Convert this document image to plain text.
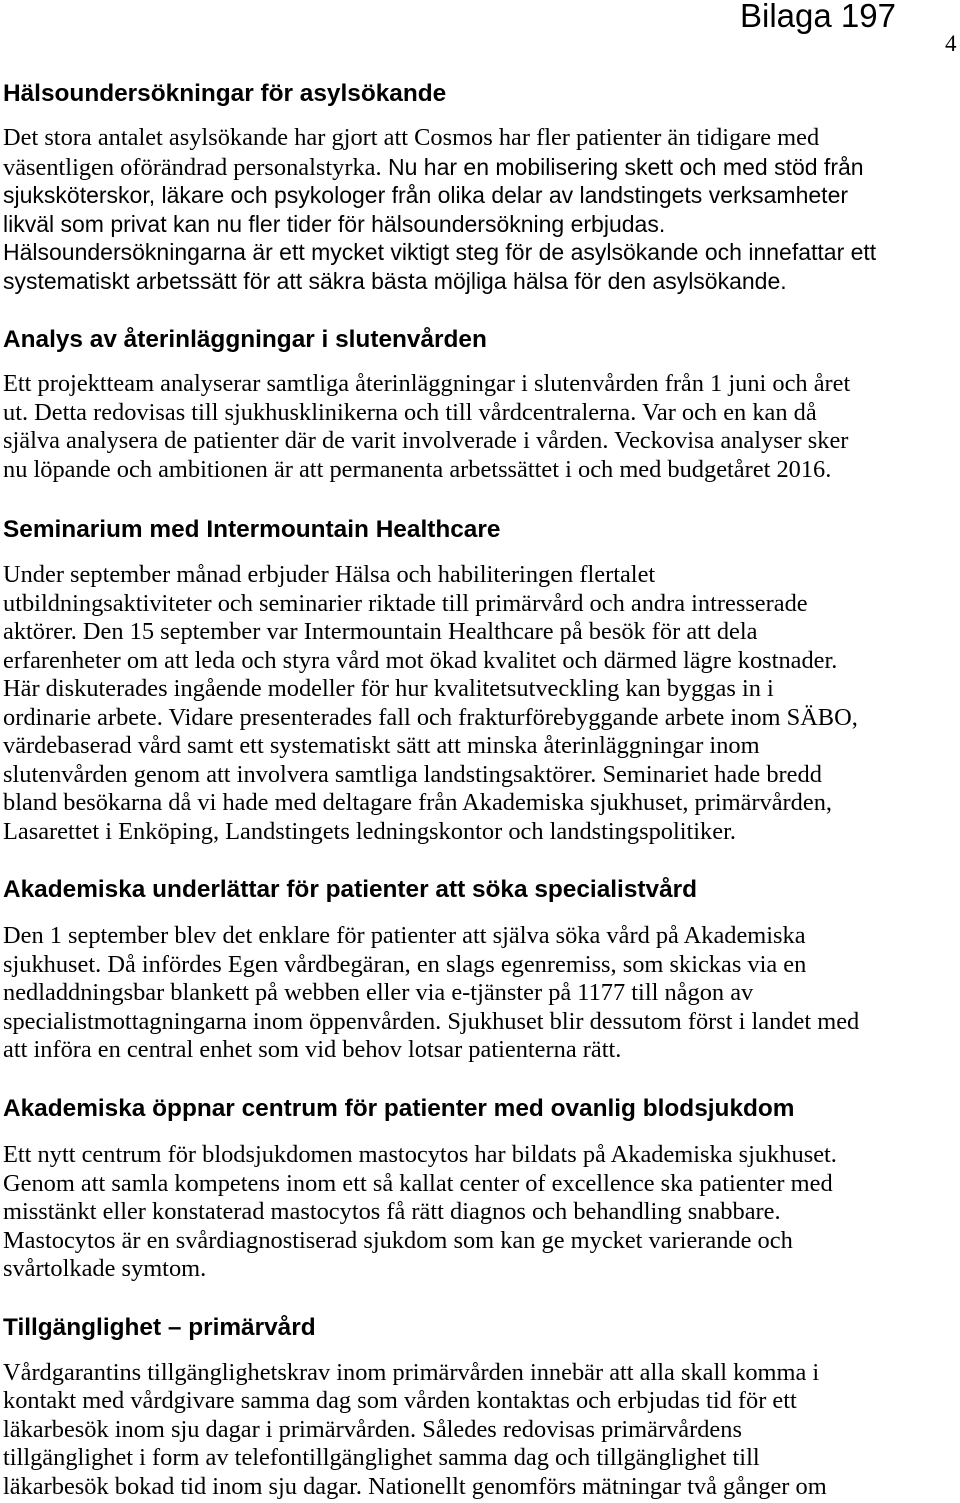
Bilaga 197
4
Hälsoundersökningar för asylsökande
Det stora antalet asylsökande har gjort att Cosmos har fler patienter än tidigare med
väsentligen oförändrad personalstyrka. Nu har en mobilisering skett och med stöd från
sjuksköterskor, läkare och psykologer från olika delar av landstingets verksamheter
likväl som privat kan nu fler tider för hälsoundersökning erbjudas.
Hälsoundersökningarna är ett mycket viktigt steg för de asylsökande och innefattar ett
systematiskt arbetssätt för att säkra bästa möjliga hälsa för den asylsökande.
Analys av återinläggningar i slutenvården
Ett projektteam analyserar samtliga återinläggningar i slutenvården från 1 juni och året
ut. Detta redovisas till sjukhusklinikerna och till vårdcentralerna. Var och en kan då
själva analysera de patienter där de varit involverade i vården. Veckovisa analyser sker
nu löpande och ambitionen är att permanenta arbetssättet i och med budgetåret 2016.
Seminarium med Intermountain Healthcare
Under september månad erbjuder Hälsa och habiliteringen flertalet
utbildningsaktiviteter och seminarier riktade till primärvård och andra intresserade
aktörer. Den 15 september var Intermountain Healthcare på besök för att dela
erfarenheter om att leda och styra vård mot ökad kvalitet och därmed lägre kostnader.
Här diskuterades ingående modeller för hur kvalitetsutveckling kan byggas in i
ordinarie arbete. Vidare presenterades fall och frakturförebyggande arbete inom SÄBO,
värdebaserad vård samt ett systematiskt sätt att minska återinläggningar inom
slutenvården genom att involvera samtliga landstingsaktörer. Seminariet hade bredd
bland besökarna då vi hade med deltagare från Akademiska sjukhuset, primärvården,
Lasarettet i Enköping, Landstingets ledningskontor och landstingspolitiker.
Akademiska underlättar för patienter att söka specialistvård
Den 1 september blev det enklare för patienter att själva söka vård på Akademiska
sjukhuset. Då infördes Egen vårdbegäran, en slags egenremiss, som skickas via en
nedladdningsbar blankett på webben eller via e-tjänster på 1177 till någon av
specialistmottagningarna inom öppenvården. Sjukhuset blir dessutom först i landet med
att införa en central enhet som vid behov lotsar patienterna rätt.
Akademiska öppnar centrum för patienter med ovanlig blodsjukdom
Ett nytt centrum för blodsjukdomen mastocytos har bildats på Akademiska sjukhuset.
Genom att samla kompetens inom ett så kallat center of excellence ska patienter med
misstänkt eller konstaterad mastocytos få rätt diagnos och behandling snabbare.
Mastocytos är en svårdiagnostiserad sjukdom som kan ge mycket varierande och
svårtolkade symtom.
Tillgänglighet – primärvård
Vårdgarantins tillgänglighetskrav inom primärvården innebär att alla skall komma i
kontakt med vårdgivare samma dag som vården kontaktas och erbjudas tid för ett
läkarbesök inom sju dagar i primärvården. Således redovisas primärvårdens
tillgänglighet i form av telefontillgänglighet samma dag och tillgänglighet till
läkarbesök bokad tid inom sju dagar. Nationellt genomförs mätningar två gånger om
